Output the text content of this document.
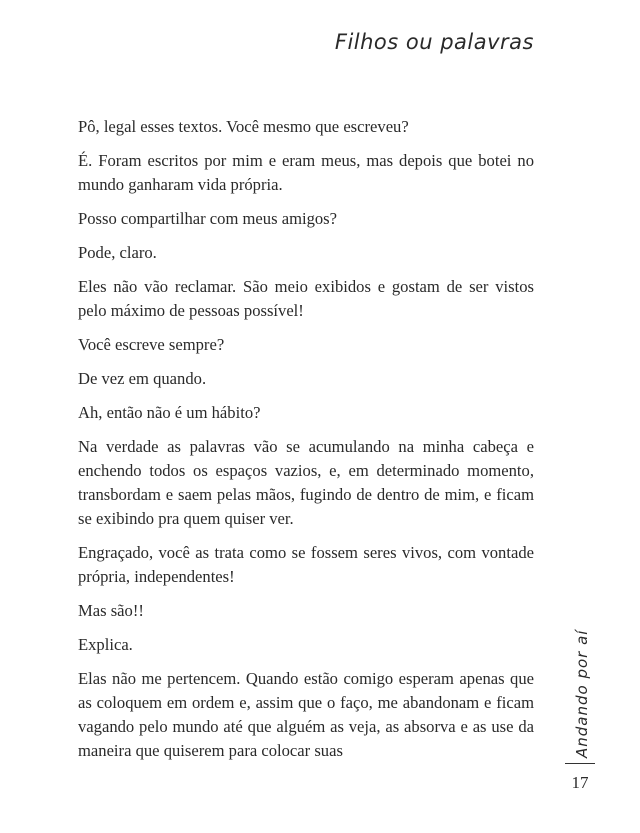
Filhos ou palavras

Pô, legal esses textos. Você mesmo que escreveu?

É. Foram escritos por mim e eram meus, mas depois que botei no mundo ganharam vida própria.

Posso compartilhar com meus amigos?

Pode, claro.

Eles não vão reclamar. São meio exibidos e gostam de ser vistos pelo máximo de pessoas possível!

Você escreve sempre?

De vez em quando.

Ah, então não é um hábito?

Na verdade as palavras vão se acumulando na minha cabeça e enchendo todos os espaços vazios, e, em determinado momento, transbordam e saem pelas mãos, fugindo de dentro de mim, e ficam se exibindo pra quem quiser ver.

Engraçado, você as trata como se fossem seres vivos, com vontade própria, independentes!

Mas são!!

Explica.

Elas não me pertencem. Quando estão comigo esperam apenas que as coloquem em ordem e, assim que o faço, me abandonam e ficam vagando pelo mundo até que alguém as veja, as absorva e as use da maneira que quiserem para colocar suas	Andando por aí
17
